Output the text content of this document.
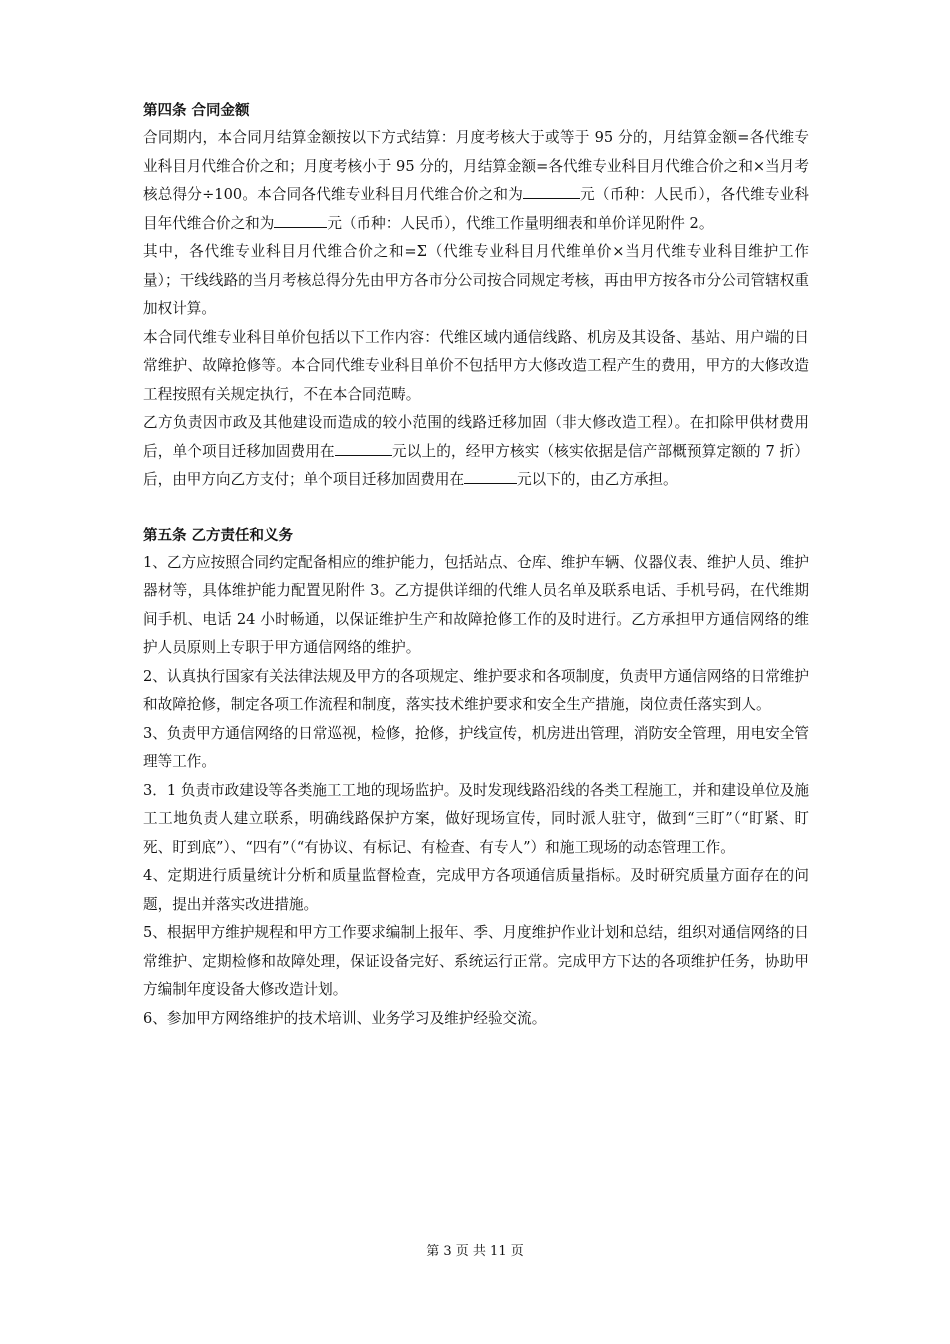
第四条 合同金额

合同期内，本合同月结算金额按以下方式结算：月度考核大于或等于 95 分的，月结算金额=各代维专业科目月代维合价之和；月度考核小于 95 分的，月结算金额=各代维专业科目月代维合价之和×当月考核总得分÷100。本合同各代维专业科目月代维合价之和为	元（币种：人民币），各代维专业科目年代维合价之和为	元（币种：人民币），代维工作量明细表和单价详见附件 2。

其中，各代维专业科目月代维合价之和=Σ（代维专业科目月代维单价×当月代维专业科目维护工作量）；干线线路的当月考核总得分先由甲方各市分公司按合同规定考核，再由甲方按各市分公司管辖权重加权计算。

本合同代维专业科目单价包括以下工作内容：代维区域内通信线路、机房及其设备、基站、用户端的日常维护、故障抢修等。本合同代维专业科目单价不包括甲方大修改造工程产生的费用，甲方的大修改造工程按照有关规定执行，不在本合同范畴。

乙方负责因市政及其他建设而造成的较小范围的线路迁移加固（非大修改造工程）。在扣除甲供材费用后，单个项目迁移加固费用在	元以上的，经甲方核实（核实依据是信产部概预算定额的 7 折）后，由甲方向乙方支付；单个项目迁移加固费用在	元以下的，由乙方承担。

第五条 乙方责任和义务

1、乙方应按照合同约定配备相应的维护能力，包括站点、仓库、维护车辆、仪器仪表、维护人员、维护器材等，具体维护能力配置见附件 3。乙方提供详细的代维人员名单及联系电话、手机号码，在代维期间手机、电话 24 小时畅通，以保证维护生产和故障抢修工作的及时进行。乙方承担甲方通信网络的维护人员原则上专职于甲方通信网络的维护。

2、认真执行国家有关法律法规及甲方的各项规定、维护要求和各项制度，负责甲方通信网络的日常维护和故障抢修，制定各项工作流程和制度，落实技术维护要求和安全生产措施，岗位责任落实到人。

3、负责甲方通信网络的日常巡视，检修，抢修，护线宣传，机房进出管理，消防安全管理，用电安全管理等工作。

3．1 负责市政建设等各类施工工地的现场监护。及时发现线路沿线的各类工程施工，并和建设单位及施工工地负责人建立联系，明确线路保护方案，做好现场宣传，同时派人驻守，做到“三盯”（“盯紧、盯死、盯到底”）、“四有”（“有协议、有标记、有检查、有专人”）和施工现场的动态管理工作。

4、定期进行质量统计分析和质量监督检查，完成甲方各项通信质量指标。及时研究质量方面存在的问题，提出并落实改进措施。

5、根据甲方维护规程和甲方工作要求编制上报年、季、月度维护作业计划和总结，组织对通信网络的日常维护、定期检修和故障处理，保证设备完好、系统运行正常。完成甲方下达的各项维护任务，协助甲方编制年度设备大修改造计划。

6、参加甲方网络维护的技术培训、业务学习及维护经验交流。

第 3 页 共 11 页
